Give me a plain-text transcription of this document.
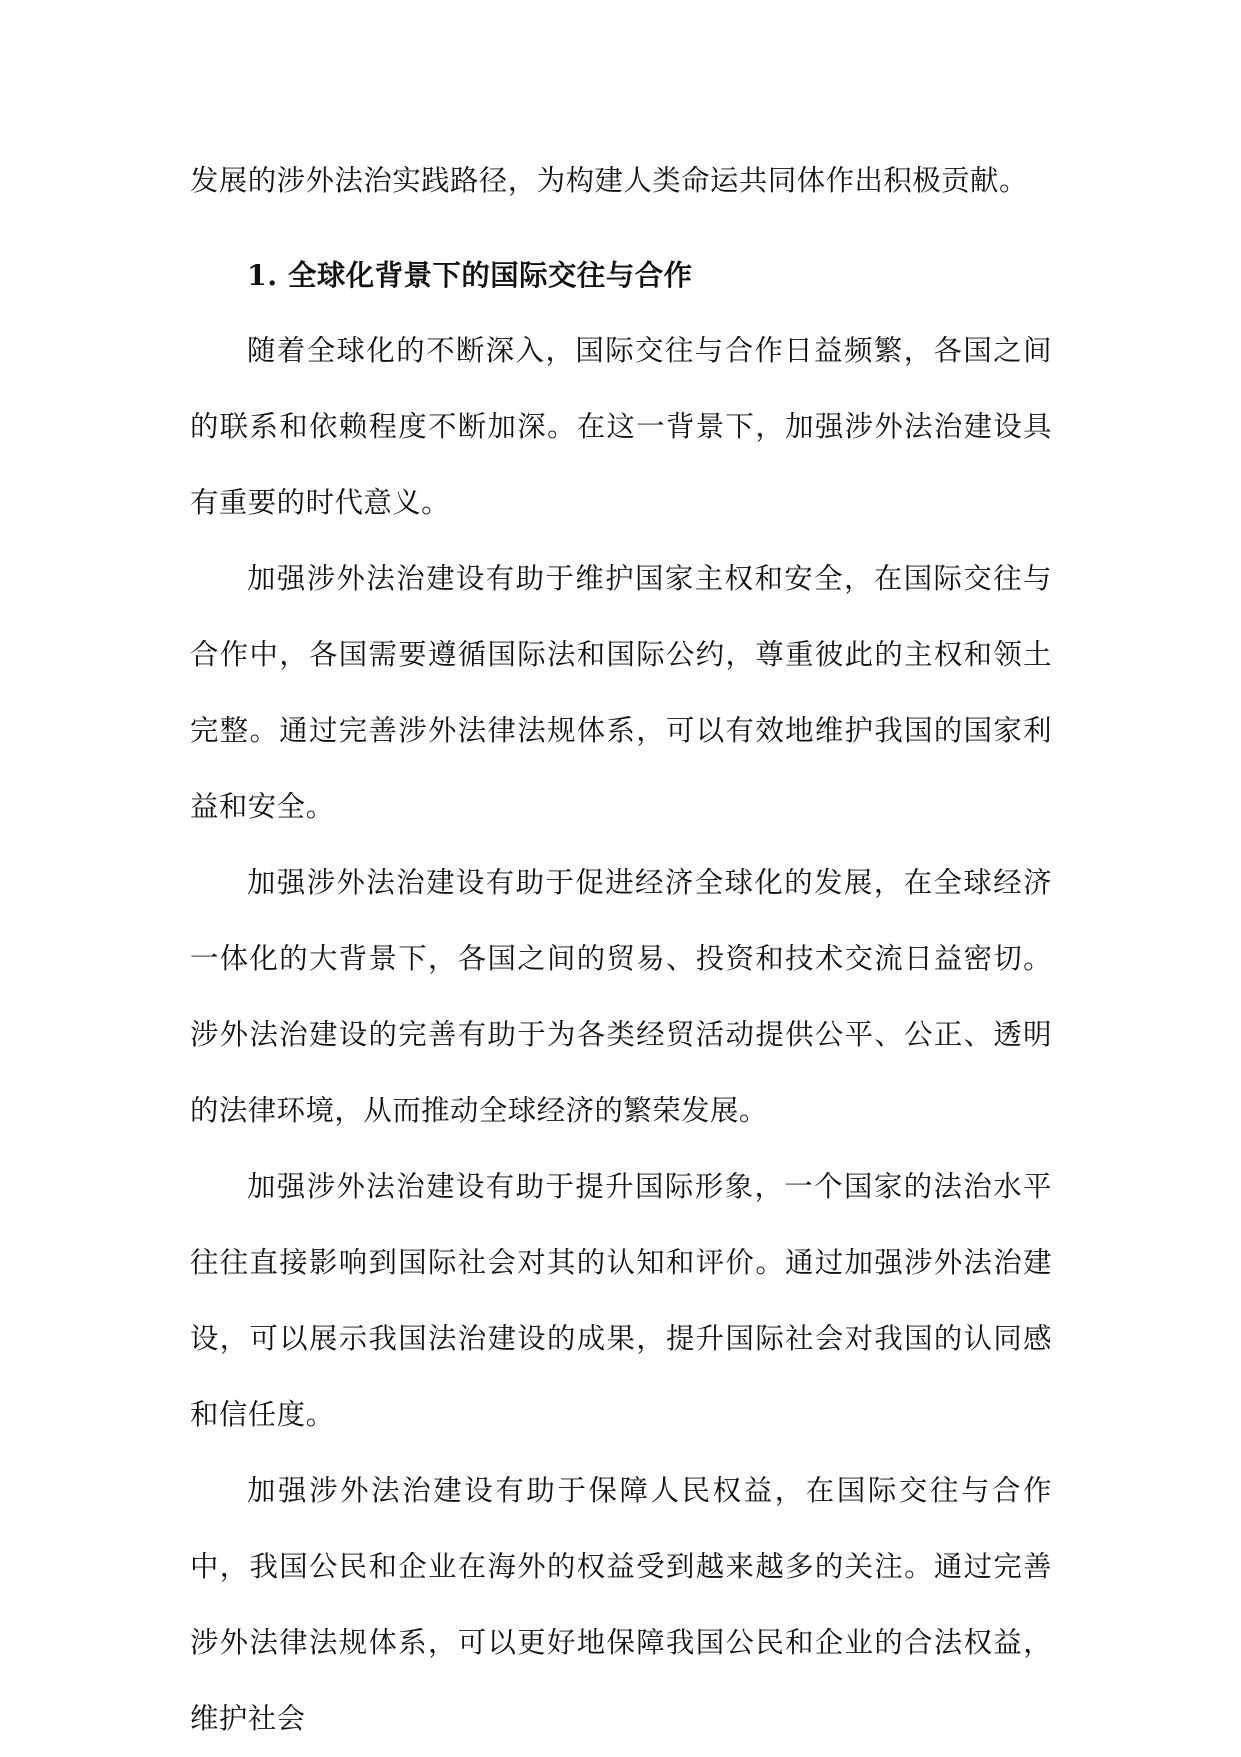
发展的涉外法治实践路径，为构建人类命运共同体作出积极贡献。

1. 全球化背景下的国际交往与合作

随着全球化的不断深入，国际交往与合作日益频繁，各国之间的联系和依赖程度不断加深。在这一背景下，加强涉外法治建设具有重要的时代意义。

加强涉外法治建设有助于维护国家主权和安全，在国际交往与合作中，各国需要遵循国际法和国际公约，尊重彼此的主权和领土完整。通过完善涉外法律法规体系，可以有效地维护我国的国家利益和安全。

加强涉外法治建设有助于促进经济全球化的发展，在全球经济一体化的大背景下，各国之间的贸易、投资和技术交流日益密切。涉外法治建设的完善有助于为各类经贸活动提供公平、公正、透明的法律环境，从而推动全球经济的繁荣发展。

加强涉外法治建设有助于提升国际形象，一个国家的法治水平往往直接影响到国际社会对其的认知和评价。通过加强涉外法治建设，可以展示我国法治建设的成果，提升国际社会对我国的认同感和信任度。

加强涉外法治建设有助于保障人民权益，在国际交往与合作中，我国公民和企业在海外的权益受到越来越多的关注。通过完善涉外法律法规体系，可以更好地保障我国公民和企业的合法权益，维护社会
